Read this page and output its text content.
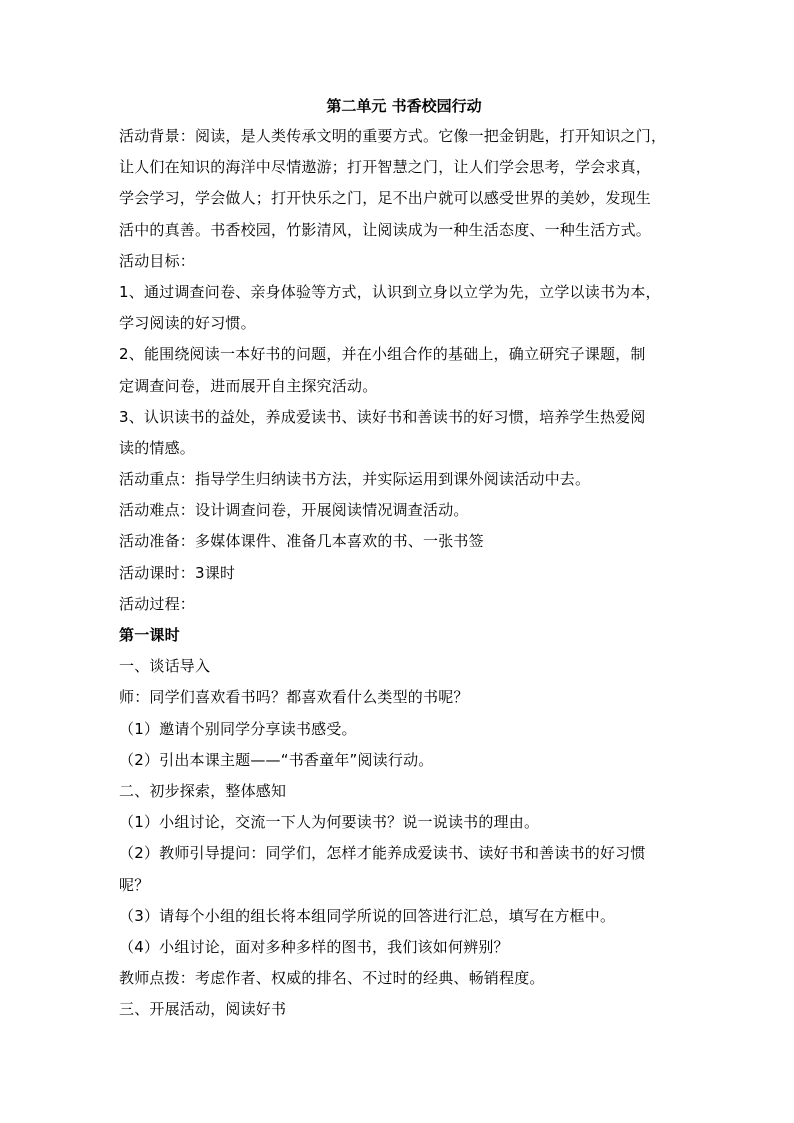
第二单元 书香校园行动
活动背景：阅读，是人类传承文明的重要方式。它像一把金钥匙，打开知识之门，
让人们在知识的海洋中尽情遨游；打开智慧之门，让人们学会思考，学会求真，
学会学习，学会做人；打开快乐之门，足不出户就可以感受世界的美妙，发现生
活中的真善。书香校园，竹影清风，让阅读成为一种生活态度、一种生活方式。
活动目标：
1、通过调查问卷、亲身体验等方式，认识到立身以立学为先，立学以读书为本，
学习阅读的好习惯。
2、能围绕阅读一本好书的问题，并在小组合作的基础上，确立研究子课题，制
定调查问卷，进而展开自主探究活动。
3、认识读书的益处，养成爱读书、读好书和善读书的好习惯，培养学生热爱阅
读的情感。
活动重点：指导学生归纳读书方法，并实际运用到课外阅读活动中去。
活动难点：设计调查问卷，开展阅读情况调查活动。
活动准备：多媒体课件、准备几本喜欢的书、一张书签
活动课时：3课时
活动过程：
第一课时
一、谈话导入
师：同学们喜欢看书吗？都喜欢看什么类型的书呢？
（1）邀请个别同学分享读书感受。
（2）引出本课主题——“书香童年”阅读行动。
二、初步探索，整体感知
（1）小组讨论，交流一下人为何要读书？说一说读书的理由。
（2）教师引导提问：同学们，怎样才能养成爱读书、读好书和善读书的好习惯
呢？
（3）请每个小组的组长将本组同学所说的回答进行汇总，填写在方框中。
（4）小组讨论，面对多种多样的图书，我们该如何辨别？
教师点拨：考虑作者、权威的排名、不过时的经典、畅销程度。
三、开展活动，阅读好书
